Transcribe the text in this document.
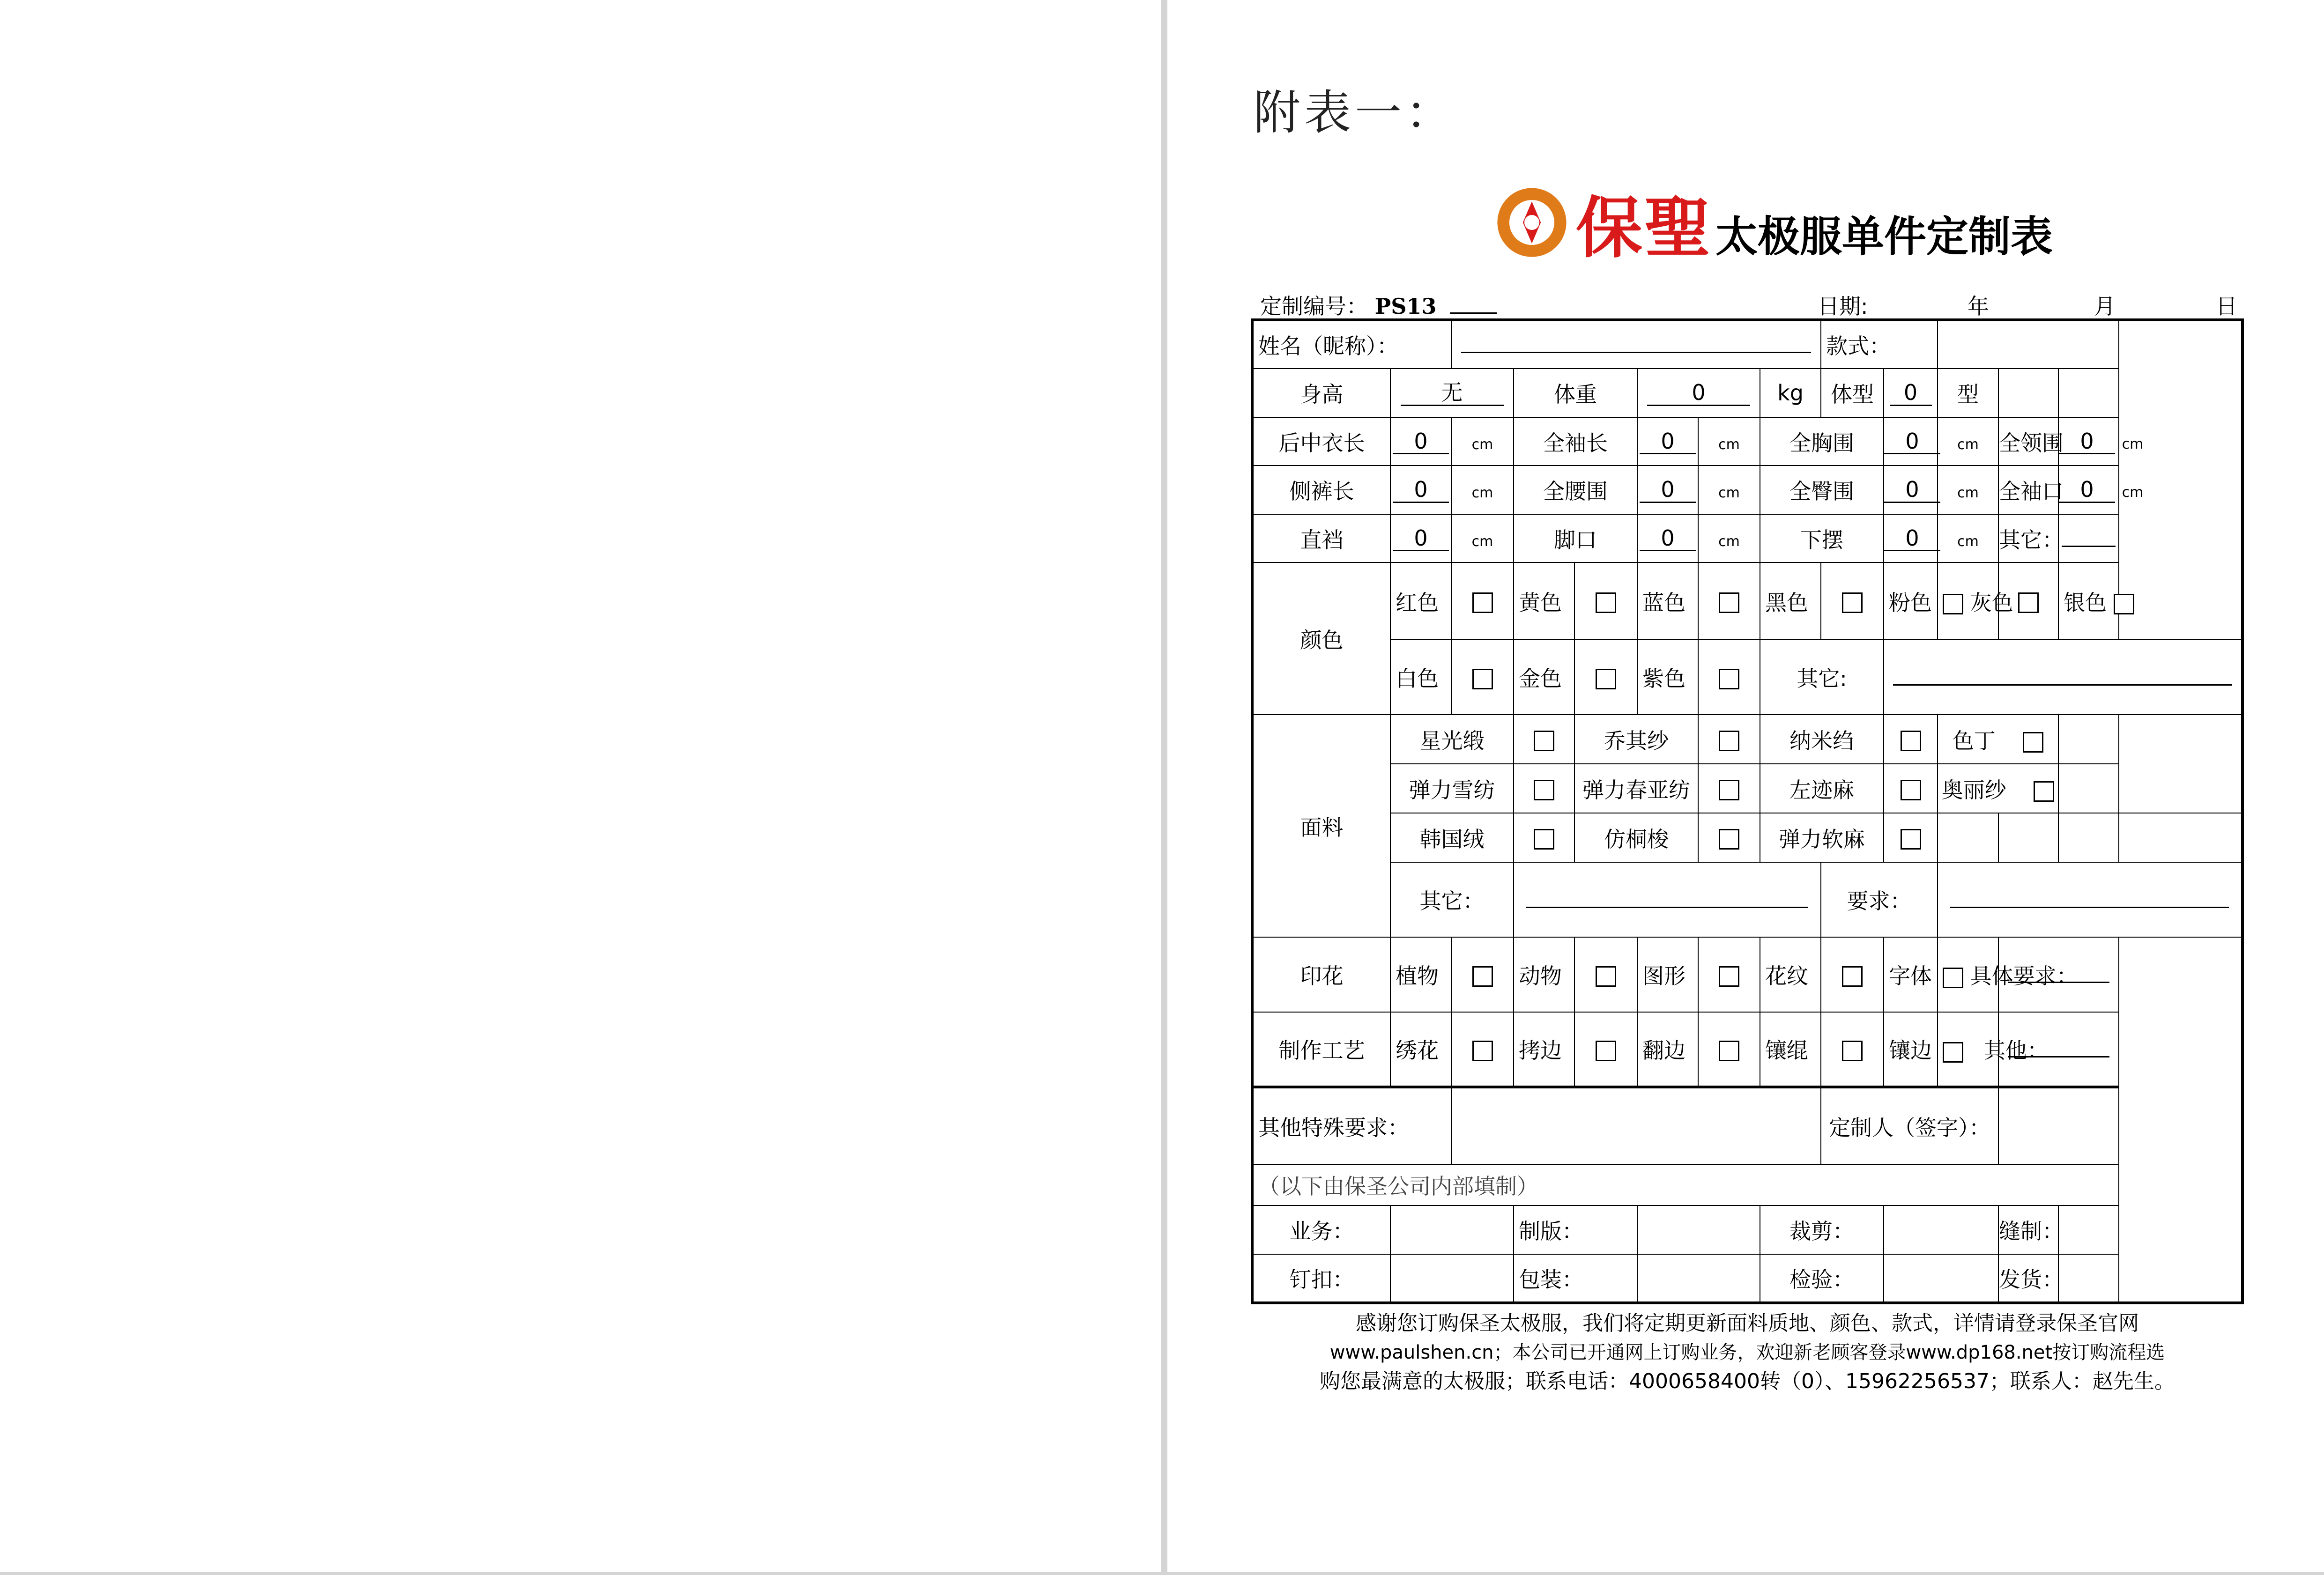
附表一：
保聖 太极服单件定制表
定制编号： PS13	日期:	年	月	日
姓名（昵称）：								款式：					
身高	无		体重		0		kg	体型	0	型			
后中衣长	0	cm	全袖长		0	cm	全胸围		0	cm	全领围	0 cm	
侧裤长	0	cm	全腰围		0	cm	全臀围		0	cm	全袖口	0 cm	
直裆	0	cm	脚口		0	cm	下摆		0	cm	其它：		
颜色	红色		黄色		蓝色		黑色		粉色	灰色		银色	
	白色		金色		紫色		其它:						
面料	星光缎			乔其纱			纳米绉			色丁			
	弹力雪纺			弹力春亚纺			左迹麻			奥丽纱			
	韩国绒			仿桐梭			弹力软麻						
	其它：							要求：					
印花	植物		动物		图形		花纹		字体	具体要求：			
制作工艺	绣花		拷边		翻边		镶绲		镶边	其他：			
其他特殊要求：								定制人（签字）：					
（以下由保圣公司内部填制）													
业务：			制版：				裁剪：				缝制：		
钉扣：			包装：				检验：				发货：		
感谢您订购保圣太极服，我们将定期更新面料质地、颜色、款式，详情请登录保圣官网
www.paulshen.cn；本公司已开通网上订购业务，欢迎新老顾客登录www.dp168.net按订购流程选
购您最满意的太极服；联系电话：4000658400转（0）、15962256537；联系人：赵先生。
